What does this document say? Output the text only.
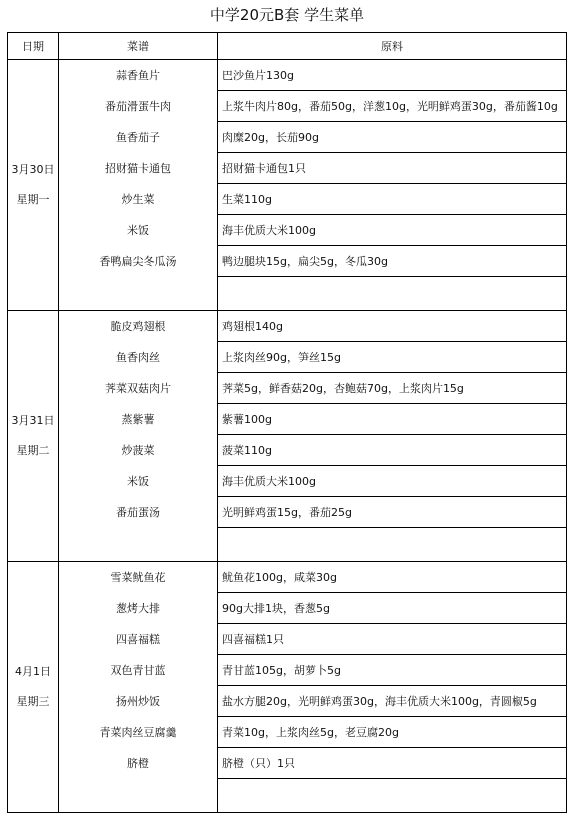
中学20元B套 学生菜单
日期	菜谱	原料

3月30日
星期一	蒜香鱼片	巴沙鱼片130g
	番茄滑蛋牛肉	上浆牛肉片80g，番茄50g，洋葱10g，光明鲜鸡蛋30g，番茄酱10g
	鱼香茄子	肉糜20g，长茄90g
	招财猫卡通包	招财猫卡通包1只
	炒生菜	生菜110g
	米饭	海丰优质大米100g
	香鸭扁尖冬瓜汤	鸭边腿块15g，扁尖5g，冬瓜30g

3月31日
星期二	脆皮鸡翅根	鸡翅根140g
	鱼香肉丝	上浆肉丝90g，笋丝15g
	荠菜双菇肉片	荠菜5g，鲜香菇20g，杏鲍菇70g，上浆肉片15g
	蒸紫薯	紫薯100g
	炒菠菜	菠菜110g
	米饭	海丰优质大米100g
	番茄蛋汤	光明鲜鸡蛋15g，番茄25g

4月1日
星期三	雪菜鱿鱼花	鱿鱼花100g，咸菜30g
	葱烤大排	90g大排1块，香葱5g
	四喜福糕	四喜福糕1只
	双色青甘蓝	青甘蓝105g，胡萝卜5g
	扬州炒饭	盐水方腿20g，光明鲜鸡蛋30g，海丰优质大米100g，青圆椒5g
	青菜肉丝豆腐羹	青菜10g，上浆肉丝5g，老豆腐20g
	脐橙	脐橙（只）1只
